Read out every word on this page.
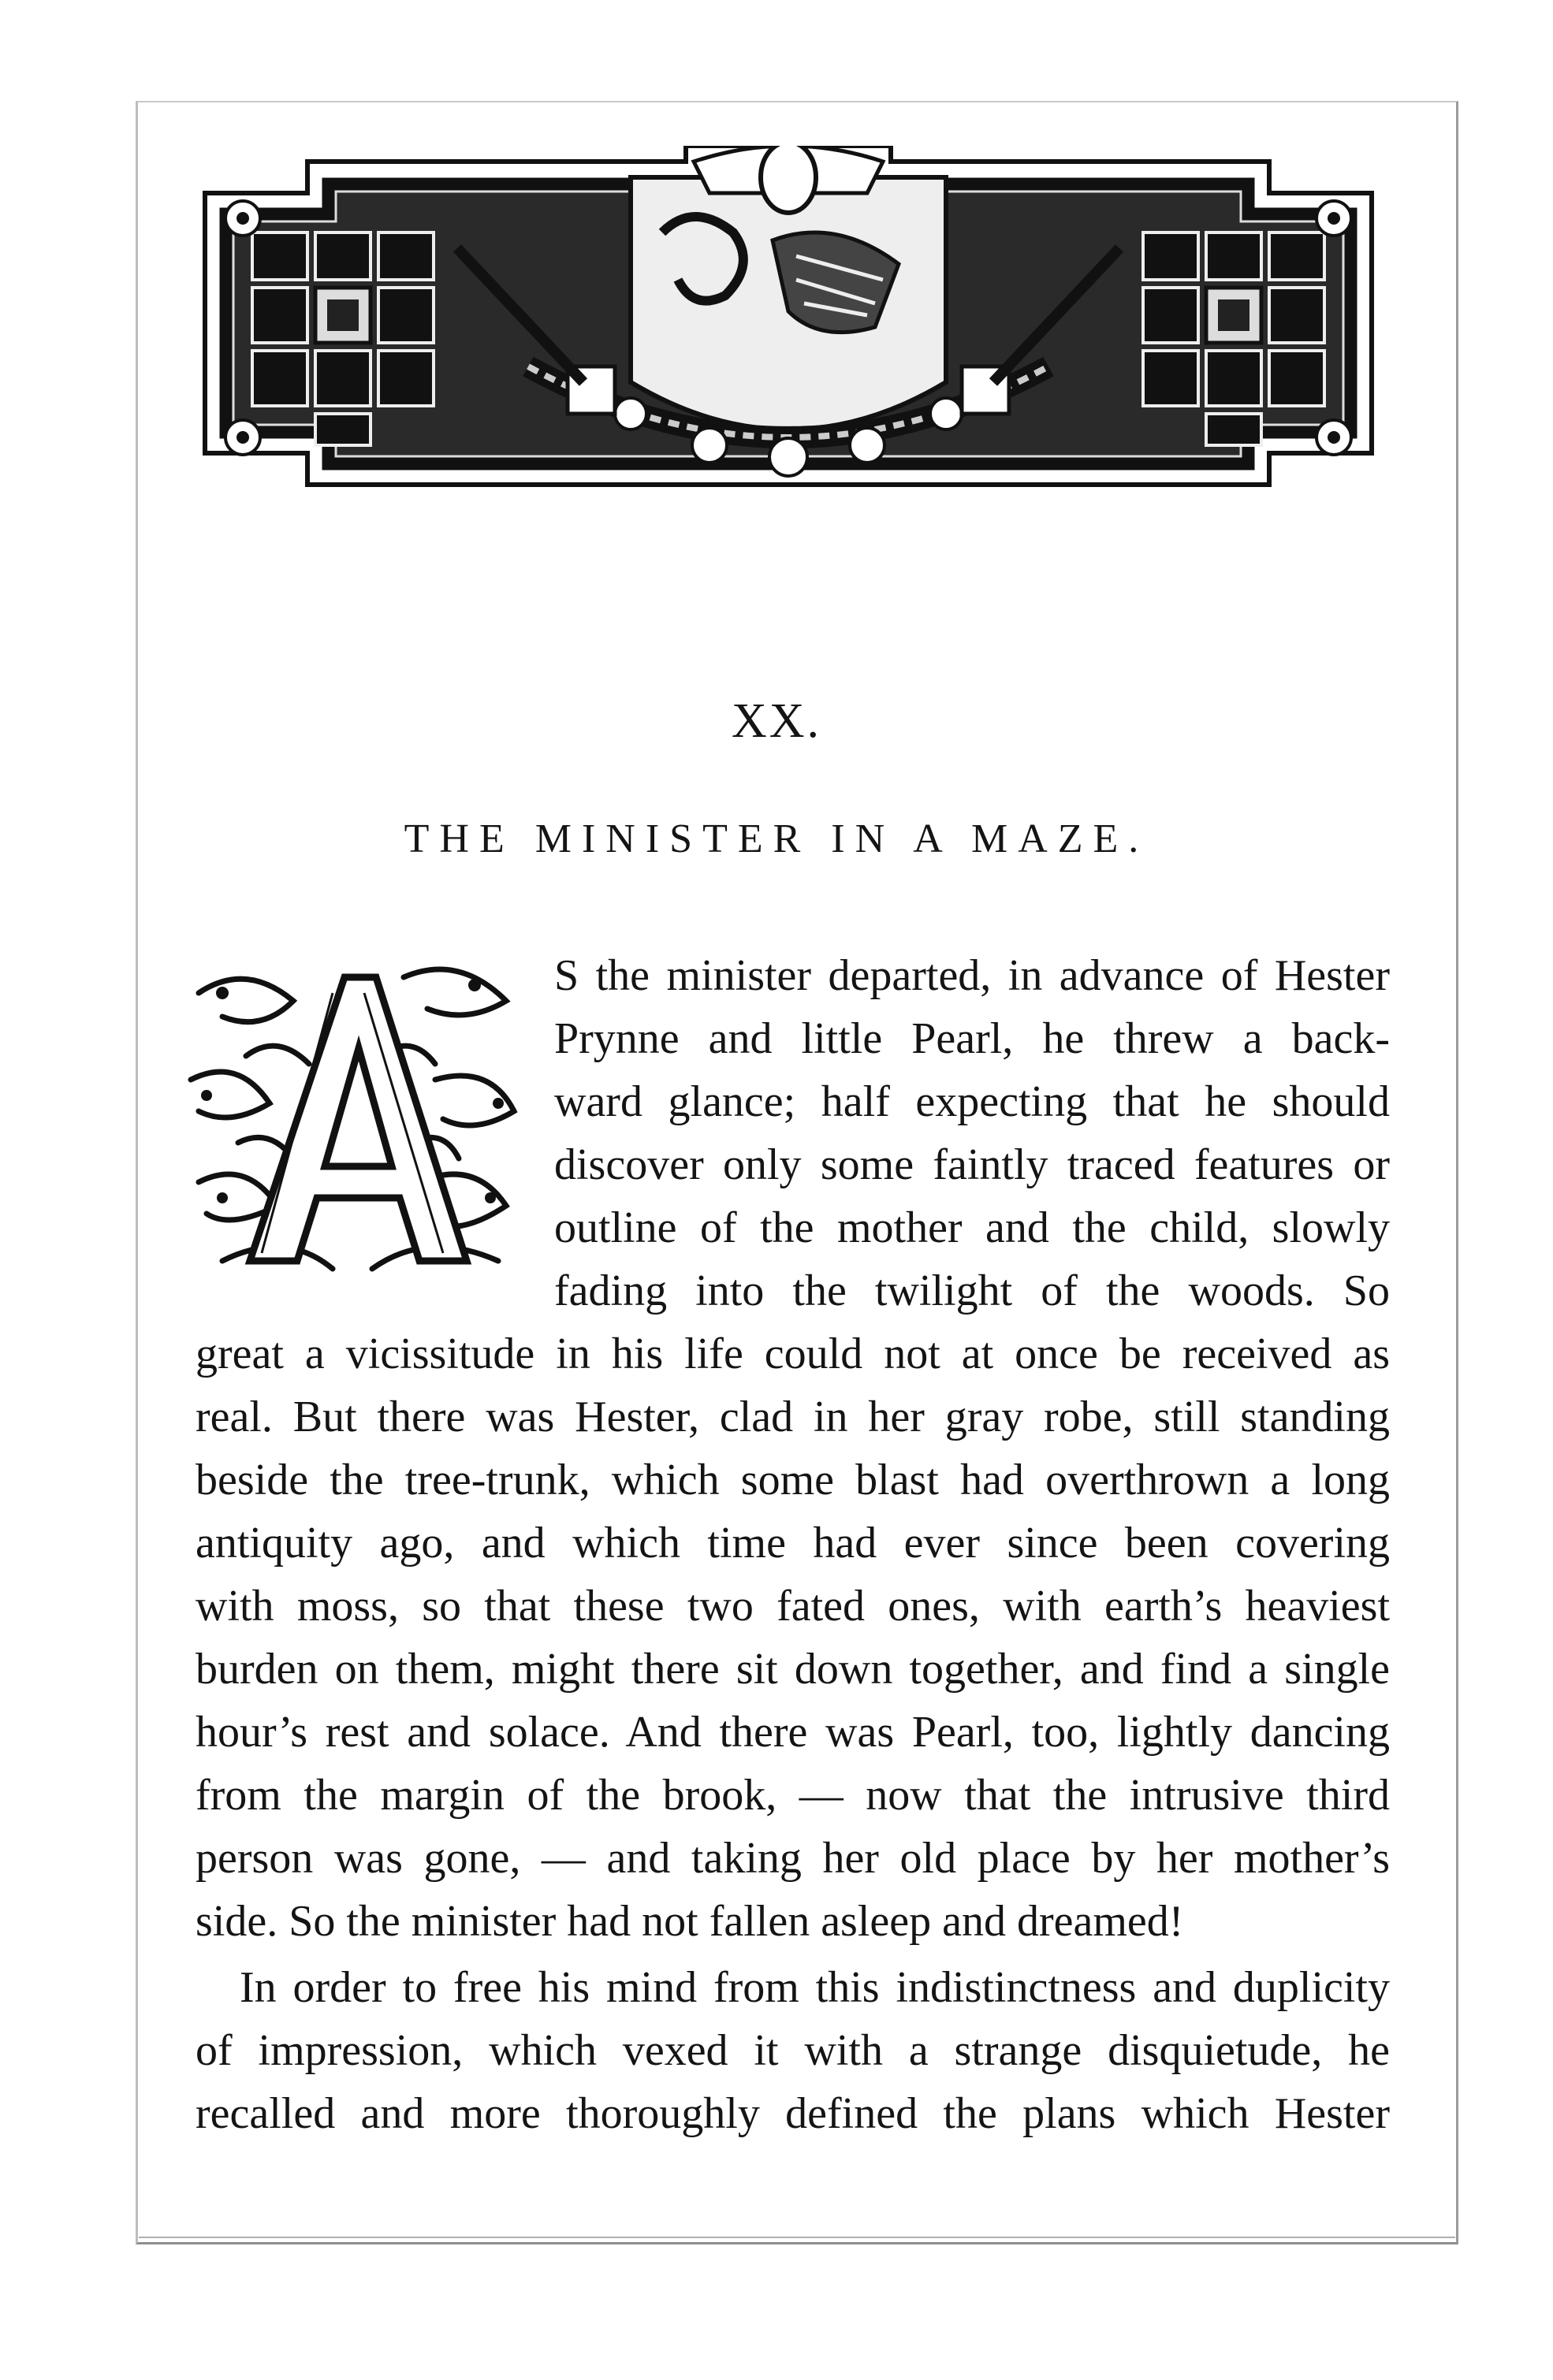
XX.
THE MINISTER IN A MAZE.
A
S the minister departed, in advance of Hester
Prynne and little Pearl, he threw a back-
ward glance; half expecting that he should
discover only some faintly traced features or
outline of the mother and the child, slowly
fading into the twilight of the woods. So
great a vicissitude in his life could not at once be received as
real. But there was Hester, clad in her gray robe, still standing
beside the tree-trunk, which some blast had overthrown a long
antiquity ago, and which time had ever since been covering
with moss, so that these two fated ones, with earth’s heaviest
burden on them, might there sit down together, and find a single
hour’s rest and solace. And there was Pearl, too, lightly dancing
from the margin of the brook, — now that the intrusive third
person was gone, — and taking her old place by her mother’s
side. So the minister had not fallen asleep and dreamed!
In order to free his mind from this indistinctness and duplicity
of impression, which vexed it with a strange disquietude, he
recalled and more thoroughly defined the plans which Hester
